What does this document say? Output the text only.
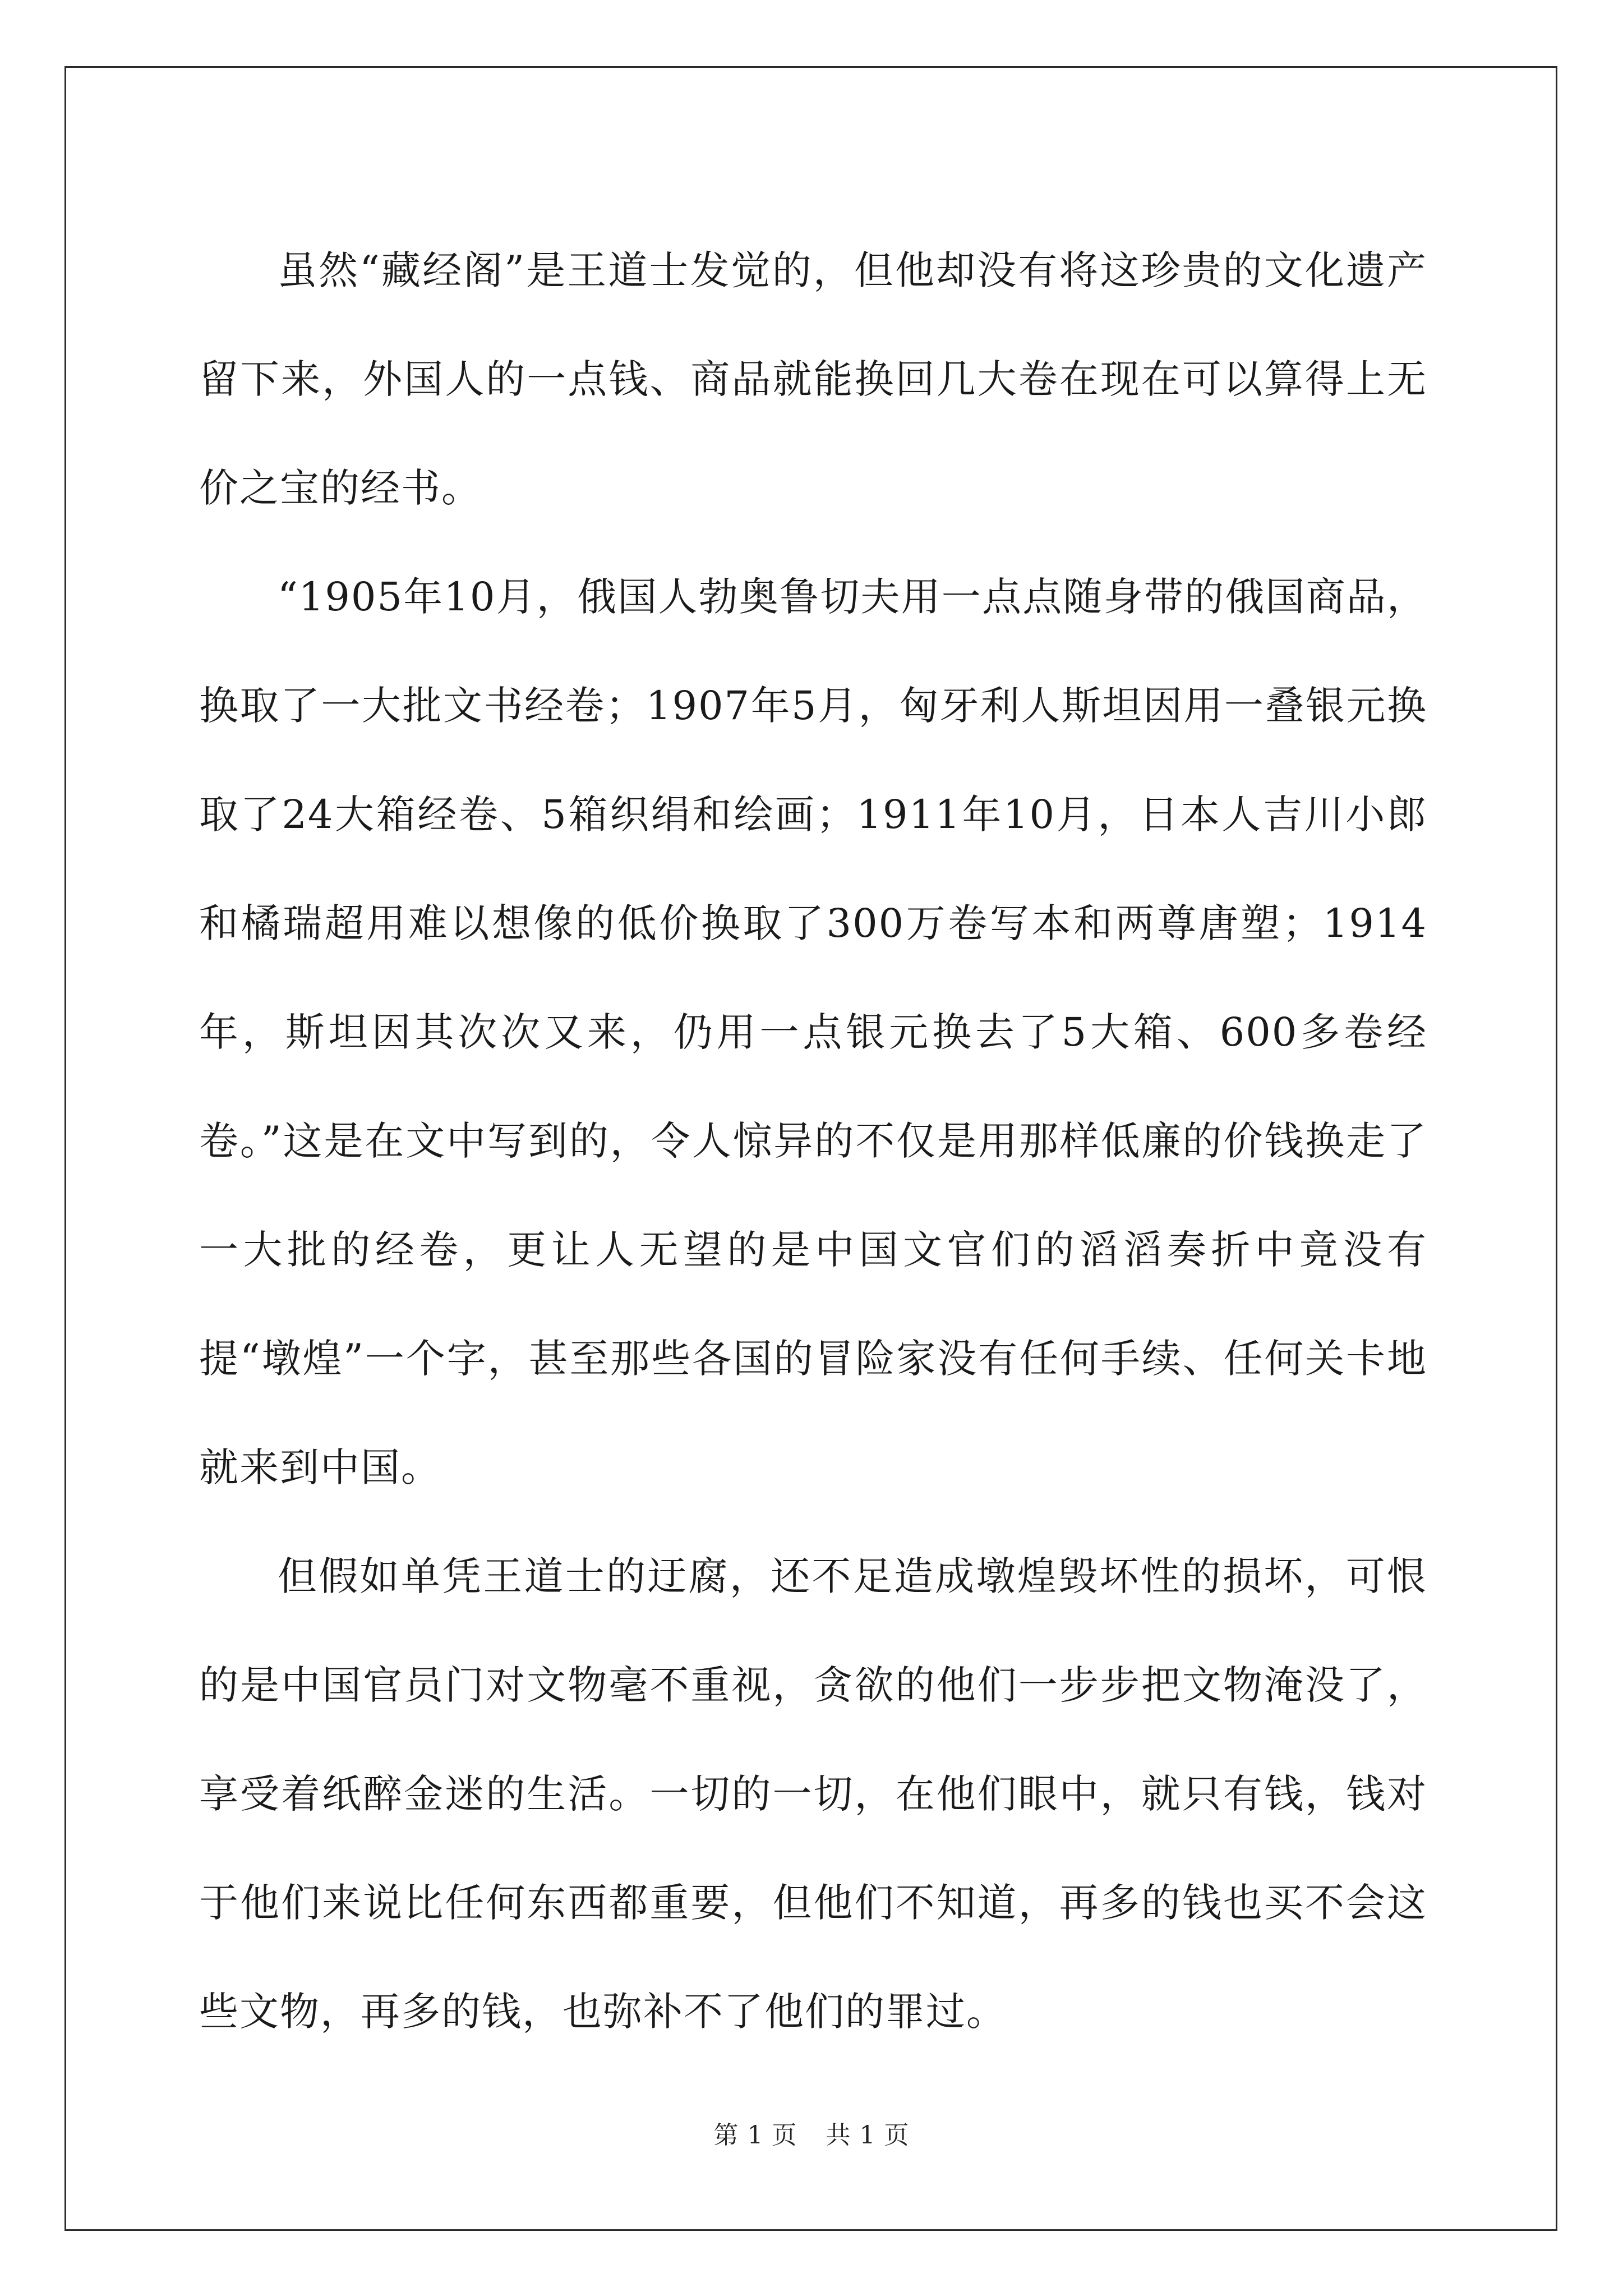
虽然“藏经阁”是王道士发觉的，但他却没有将这珍贵的文化遗产留下来，外国人的一点钱、商品就能换回几大卷在现在可以算得上无价之宝的经书。

“1905年10月，俄国人勃奥鲁切夫用一点点随身带的俄国商品，换取了一大批文书经卷；1907年5月，匈牙利人斯坦因用一叠银元换取了24大箱经卷、5箱织绢和绘画；1911年10月，日本人吉川小郎和橘瑞超用难以想像的低价换取了300万卷写本和两尊唐塑；1914年，斯坦因其次次又来，仍用一点银元换去了5大箱、600多卷经卷。”这是在文中写到的，令人惊异的不仅是用那样低廉的价钱换走了一大批的经卷，更让人无望的是中国文官们的滔滔奏折中竟没有提“墩煌”一个字，甚至那些各国的冒险家没有任何手续、任何关卡地就来到中国。

但假如单凭王道士的迂腐，还不足造成墩煌毁坏性的损坏，可恨的是中国官员门对文物毫不重视，贪欲的他们一步步把文物淹没了，享受着纸醉金迷的生活。一切的一切，在他们眼中，就只有钱，钱对于他们来说比任何东西都重要，但他们不知道，再多的钱也买不会这些文物，再多的钱，也弥补不了他们的罪过。

第 1 页 共 1 页
